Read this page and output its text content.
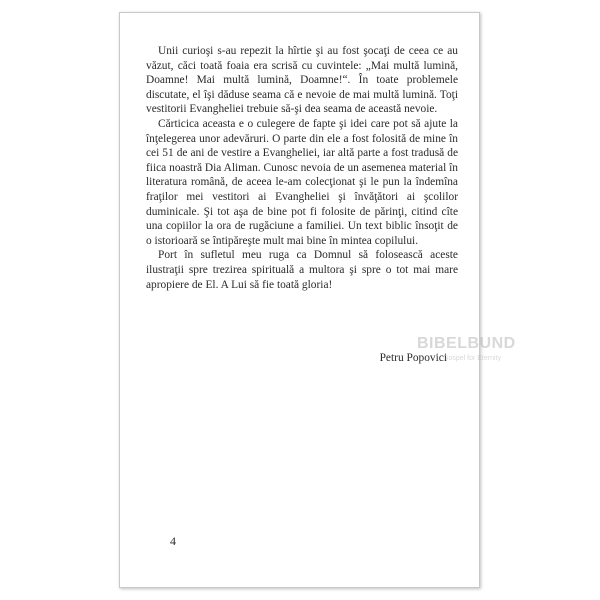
Unii curioşi s-au repezit la hîrtie şi au fost şocaţi de ceea ce au văzut, căci toată foaia era scrisă cu cuvintele: „Mai multă lumină, Doamne! Mai multă lumină, Doamne!“. În toate problemele discutate, el îşi dăduse seama că e nevoie de mai multă lumină. Toţi vestitorii Evangheliei trebuie să-şi dea seama de această nevoie.

Cărticica aceasta e o culegere de fapte şi idei care pot să ajute la înţelegerea unor adevăruri. O parte din ele a fost folosită de mine în cei 51 de ani de vestire a Evangheliei, iar altă parte a fost tradusă de fiica noastră Dia Aliman. Cunosc nevoia de un asemenea material în literatura română, de aceea le-am colecţionat şi le pun la îndemîna fraţilor mei vestitori ai Evangheliei şi învăţători ai şcolilor duminicale. Şi tot aşa de bine pot fi folosite de părinţi, citind cîte una copiilor la ora de rugăciune a familiei. Un text biblic însoţit de o istorioară se întipăreşte mult mai bine în mintea copilului.

Port în sufletul meu ruga ca Domnul să folosească aceste ilustraţii spre trezirea spirituală a multora şi spre o tot mai mare apropiere de El. A Lui să fie toată gloria!

Petru Popovici
4
BIBELBUND
Gospel for Eternity
